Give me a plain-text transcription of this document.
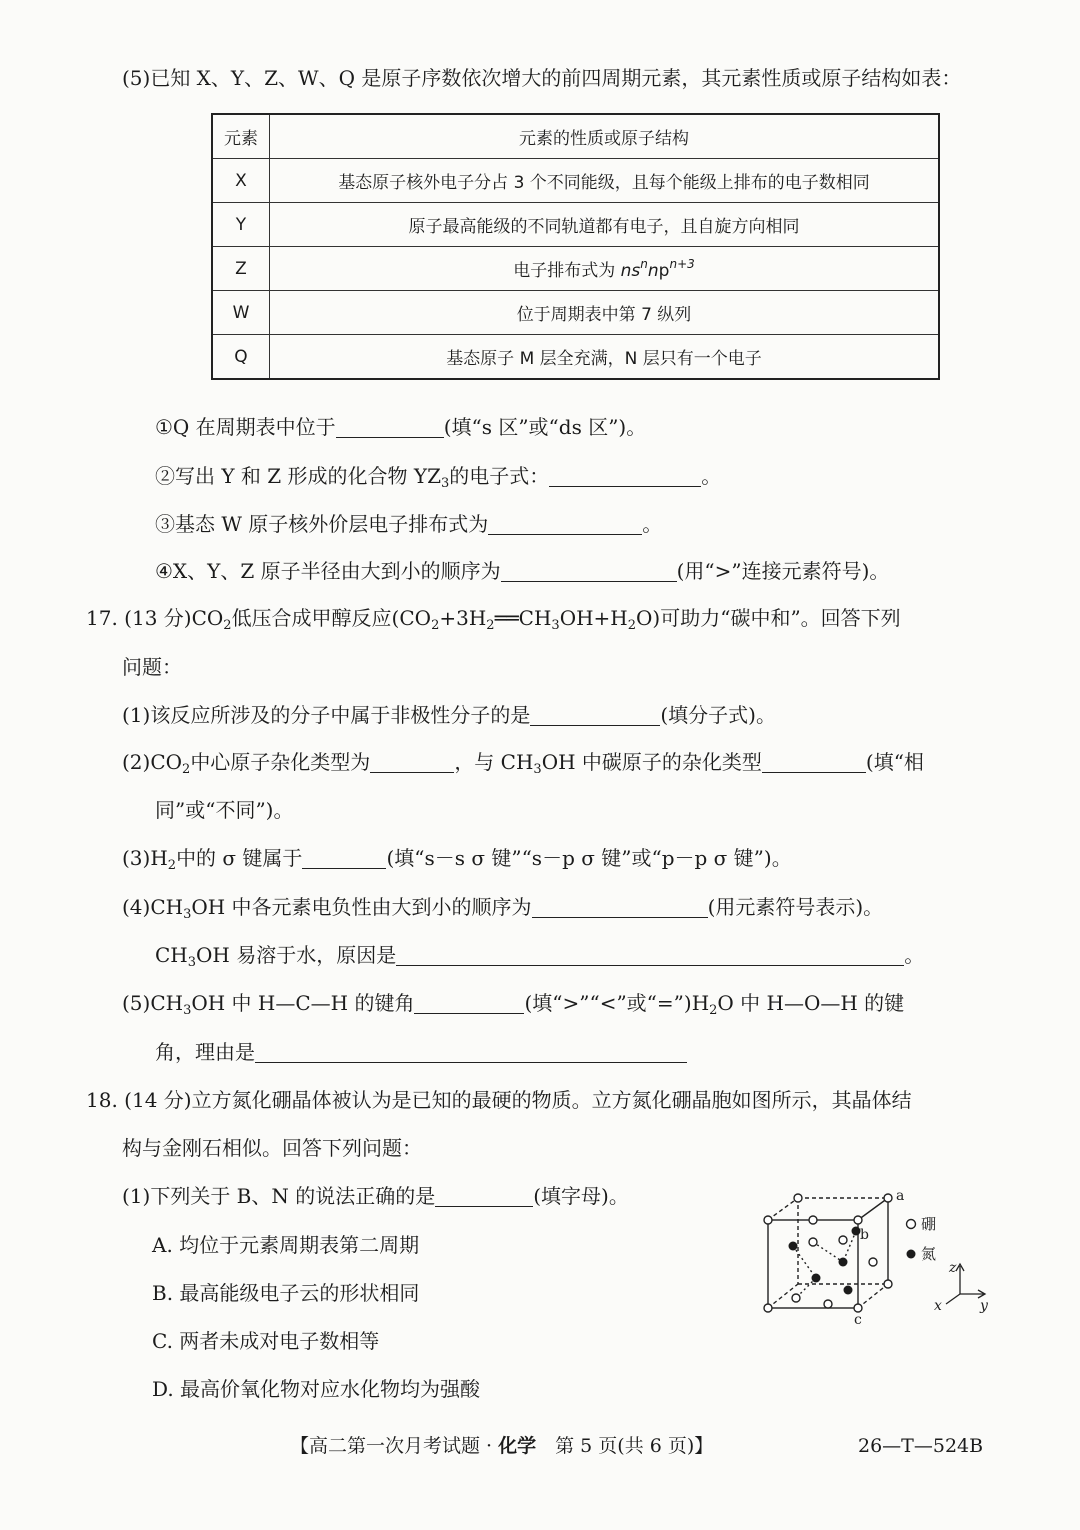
(5)已知 X、Y、Z、W、Q 是原子序数依次增大的前四周期元素，其元素性质或原子结构如表：
元素	元素的性质或原子结构
X	基态原子核外电子分占 3 个不同能级，且每个能级上排布的电子数相同
Y	原子最高能级的不同轨道都有电子，且自旋方向相同
Z	电子排布式为 $ns^nnp^{n+3}$
W	位于周期表中第 7 纵列
Q	基态原子 M 层全充满，N 层只有一个电子
①Q 在周期表中位于	(填“s 区”或“ds 区”)。
②写出 Y 和 Z 形成的化合物 $YZ_3$的电子式：	。
③基态 W 原子核外价层电子排布式为	。
④X、Y、Z 原子半径由大到小的顺序为	(用“>”连接元素符号)。
17. (13 分)$CO_2$低压合成甲醇反应$(CO_2+3H_2══CH_3OH+H_2O)$可助力“碳中和”。回答下列
问题：
(1)该反应所涉及的分子中属于非极性分子的是	(填分子式)。
$(2)CO_2$中心原子杂化类型为	，与 $CH_3OH$ 中碳原子的杂化类型	(填“相
同”或“不同”)。
$(3)H_2$中的 σ 键属于	(填“s－s σ 键”“s－p σ 键”或“p－p σ 键”)。
$(4)CH_3OH$ 中各元素电负性由大到小的顺序为	(用元素符号表示)。
$CH_3OH$ 易溶于水，原因是	。
$(5)CH_3OH$ 中 H—C—H 的键角	(填“>”“<”或“$=”)H_2O$ 中 H—O—H 的键
角，理由是
18. (14 分)立方氮化硼晶体被认为是已知的最硬的物质。立方氮化硼晶胞如图所示，其晶体结
构与金刚石相似。回答下列问题：
(1)下列关于 B、N 的说法正确的是	(填字母)。
A. 均位于元素周期表第二周期
B. 最高能级电子云的形状相同
C. 两者未成对电子数相等
D. 最高价氧化物对应水化物均为强酸
a
b
c
硼
氮
z
y
x
【高二第一次月考试题 · 化学　第 5 页(共 6 页)】	26—T—524B
